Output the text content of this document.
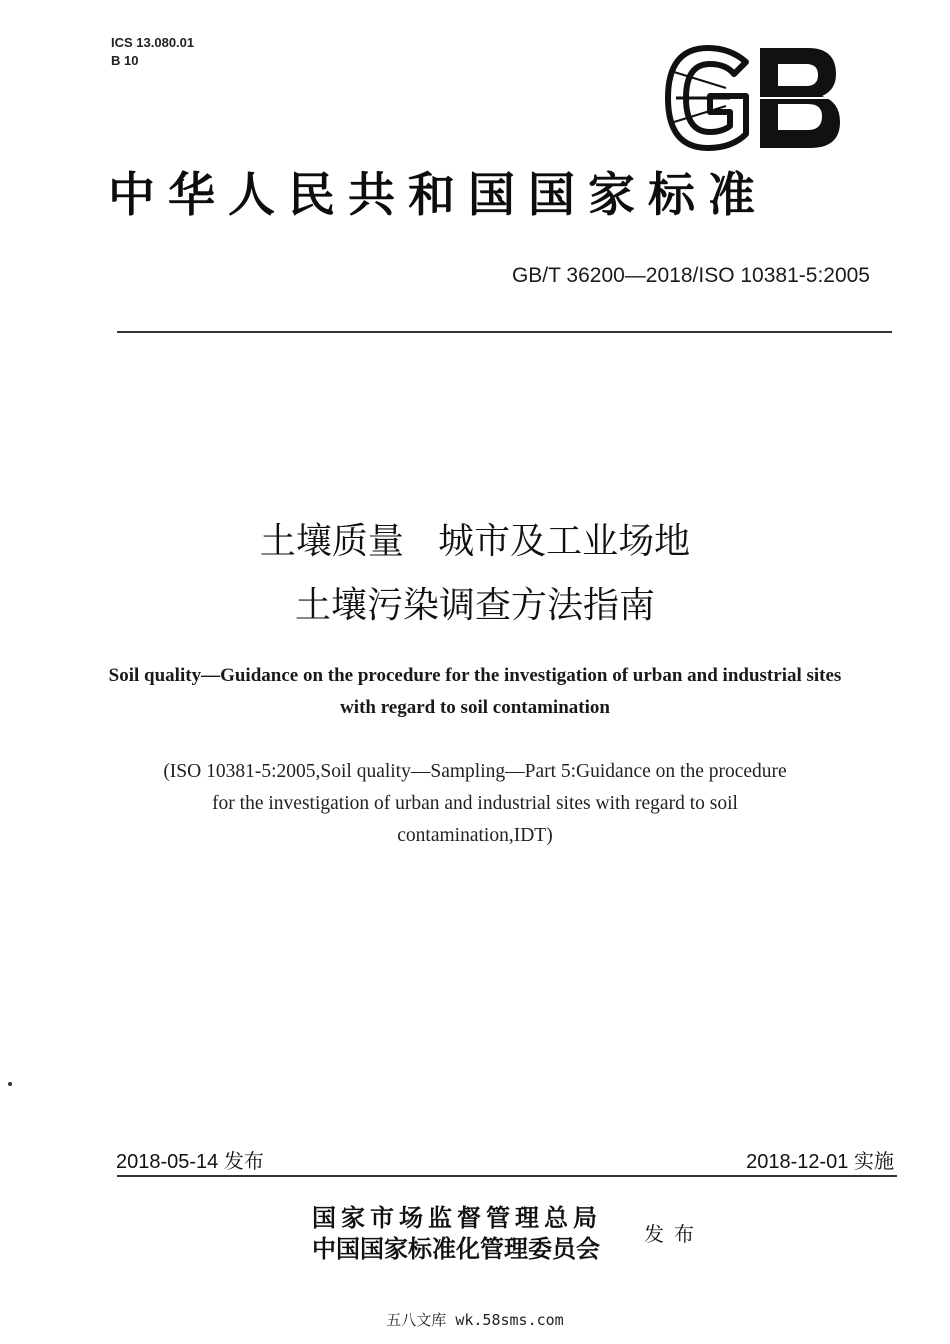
ICS 13.080.01
B 10
中华人民共和国国家标准
GB/T 36200—2018/ISO 10381-5:2005
土壤质量   城市及工业场地
土壤污染调查方法指南
Soil quality—Guidance on the procedure for the investigation of urban and industrial sites with regard to soil contamination
(ISO 10381-5:2005,Soil quality—Sampling—Part 5:Guidance on the procedure for the investigation of urban and industrial sites with regard to soil contamination,IDT)
2018-05-14 发布	2018-12-01 实施
国家市场监督管理总局
中国国家标准化管理委员会
发布
五八文库 wk.58sms.com
